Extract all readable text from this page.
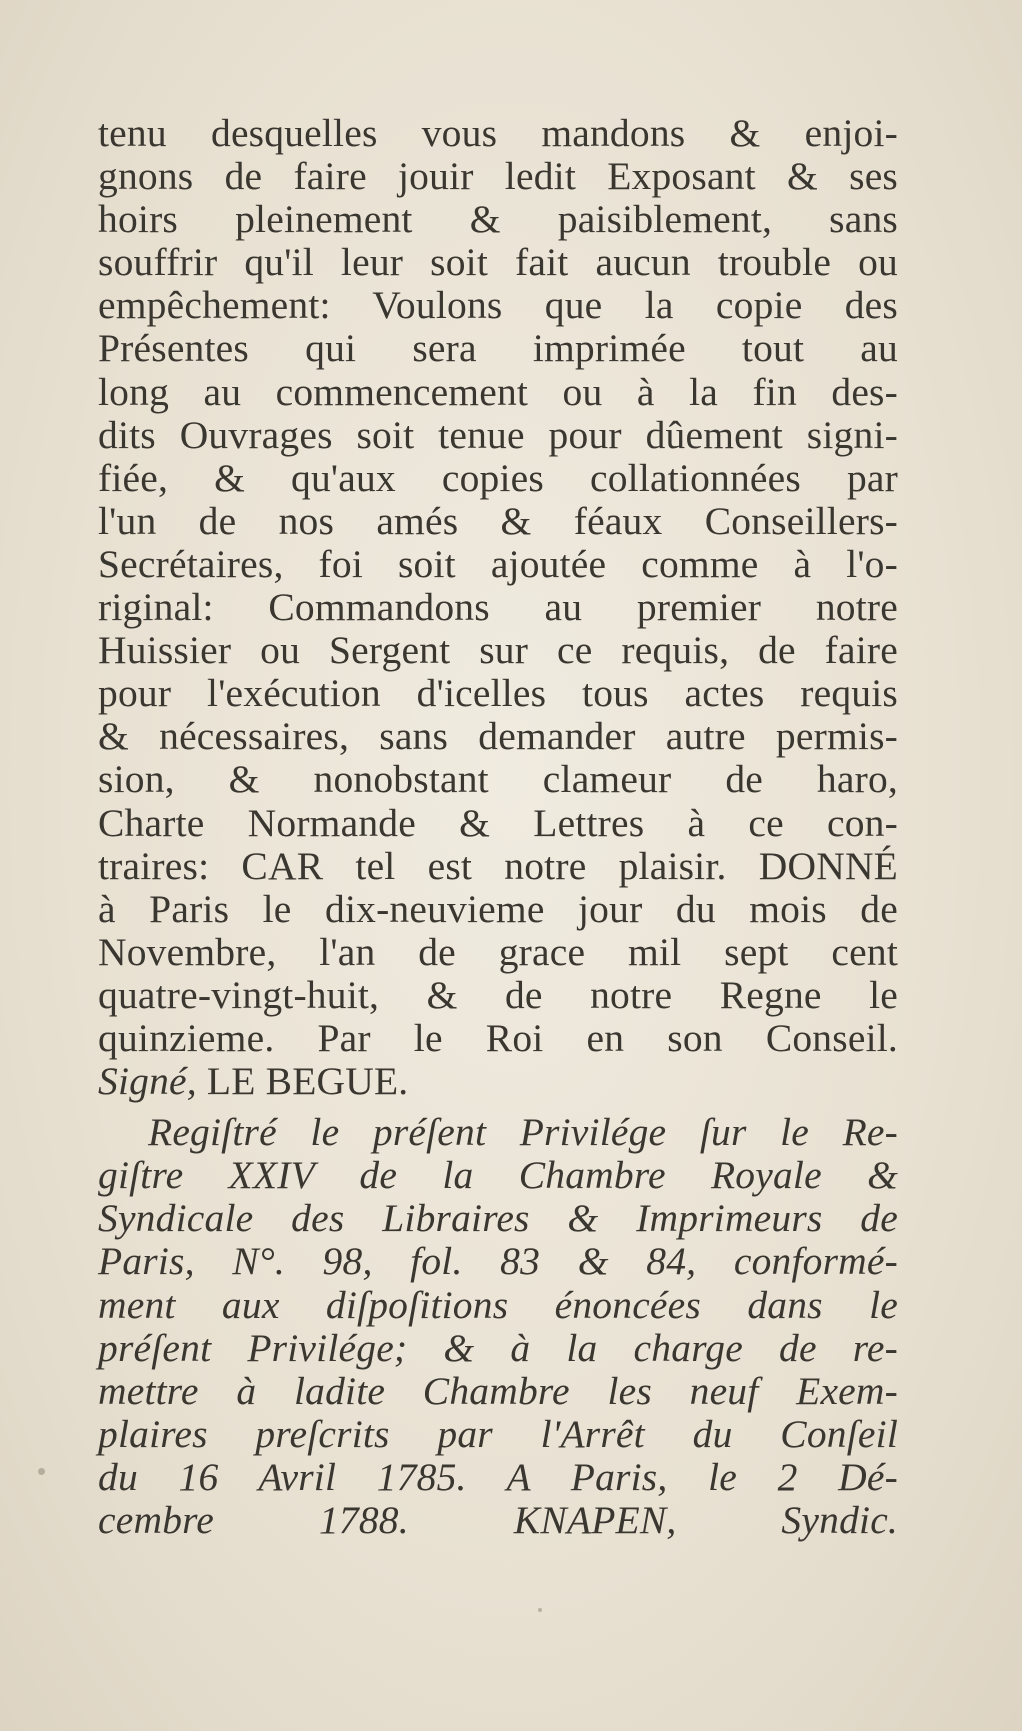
tenu desquelles vous mandons & enjoi-
gnons de faire jouir ledit Exposant & ses
hoirs pleinement & paisiblement, sans
souffrir qu'il leur soit fait aucun trouble ou
empêchement: Voulons que la copie des
Présentes qui sera imprimée tout au
long au commencement ou à la fin des-
dits Ouvrages soit tenue pour dûement signi-
fiée, & qu'aux copies collationnées par
l'un de nos amés & féaux Conseillers-
Secrétaires, foi soit ajoutée comme à l'o-
riginal: Commandons au premier notre
Huissier ou Sergent sur ce requis, de faire
pour l'exécution d'icelles tous actes requis
& nécessaires, sans demander autre permis-
sion, & nonobstant clameur de haro,
Charte Normande & Lettres à ce con-
traires: CAR tel est notre plaisir. DONNÉ
à Paris le dix-neuvieme jour du mois de
Novembre, l'an de grace mil sept cent
quatre-vingt-huit, & de notre Regne le
quinzieme. Par le Roi en son Conseil.
Signé, LE BEGUE.
Regiſtré le préſent Privilége ſur le Re-
giſtre XXIV de la Chambre Royale &
Syndicale des Libraires & Imprimeurs de
Paris, N°. 98, fol. 83 & 84, conformé-
ment aux diſpoſitions énoncées dans le
préſent Privilége; & à la charge de re-
mettre à ladite Chambre les neuf Exem-
plaires preſcrits par l'Arrêt du Conſeil
du 16 Avril 1785. A Paris, le 2 Dé-
cembre 1788. KNAPEN, Syndic.
